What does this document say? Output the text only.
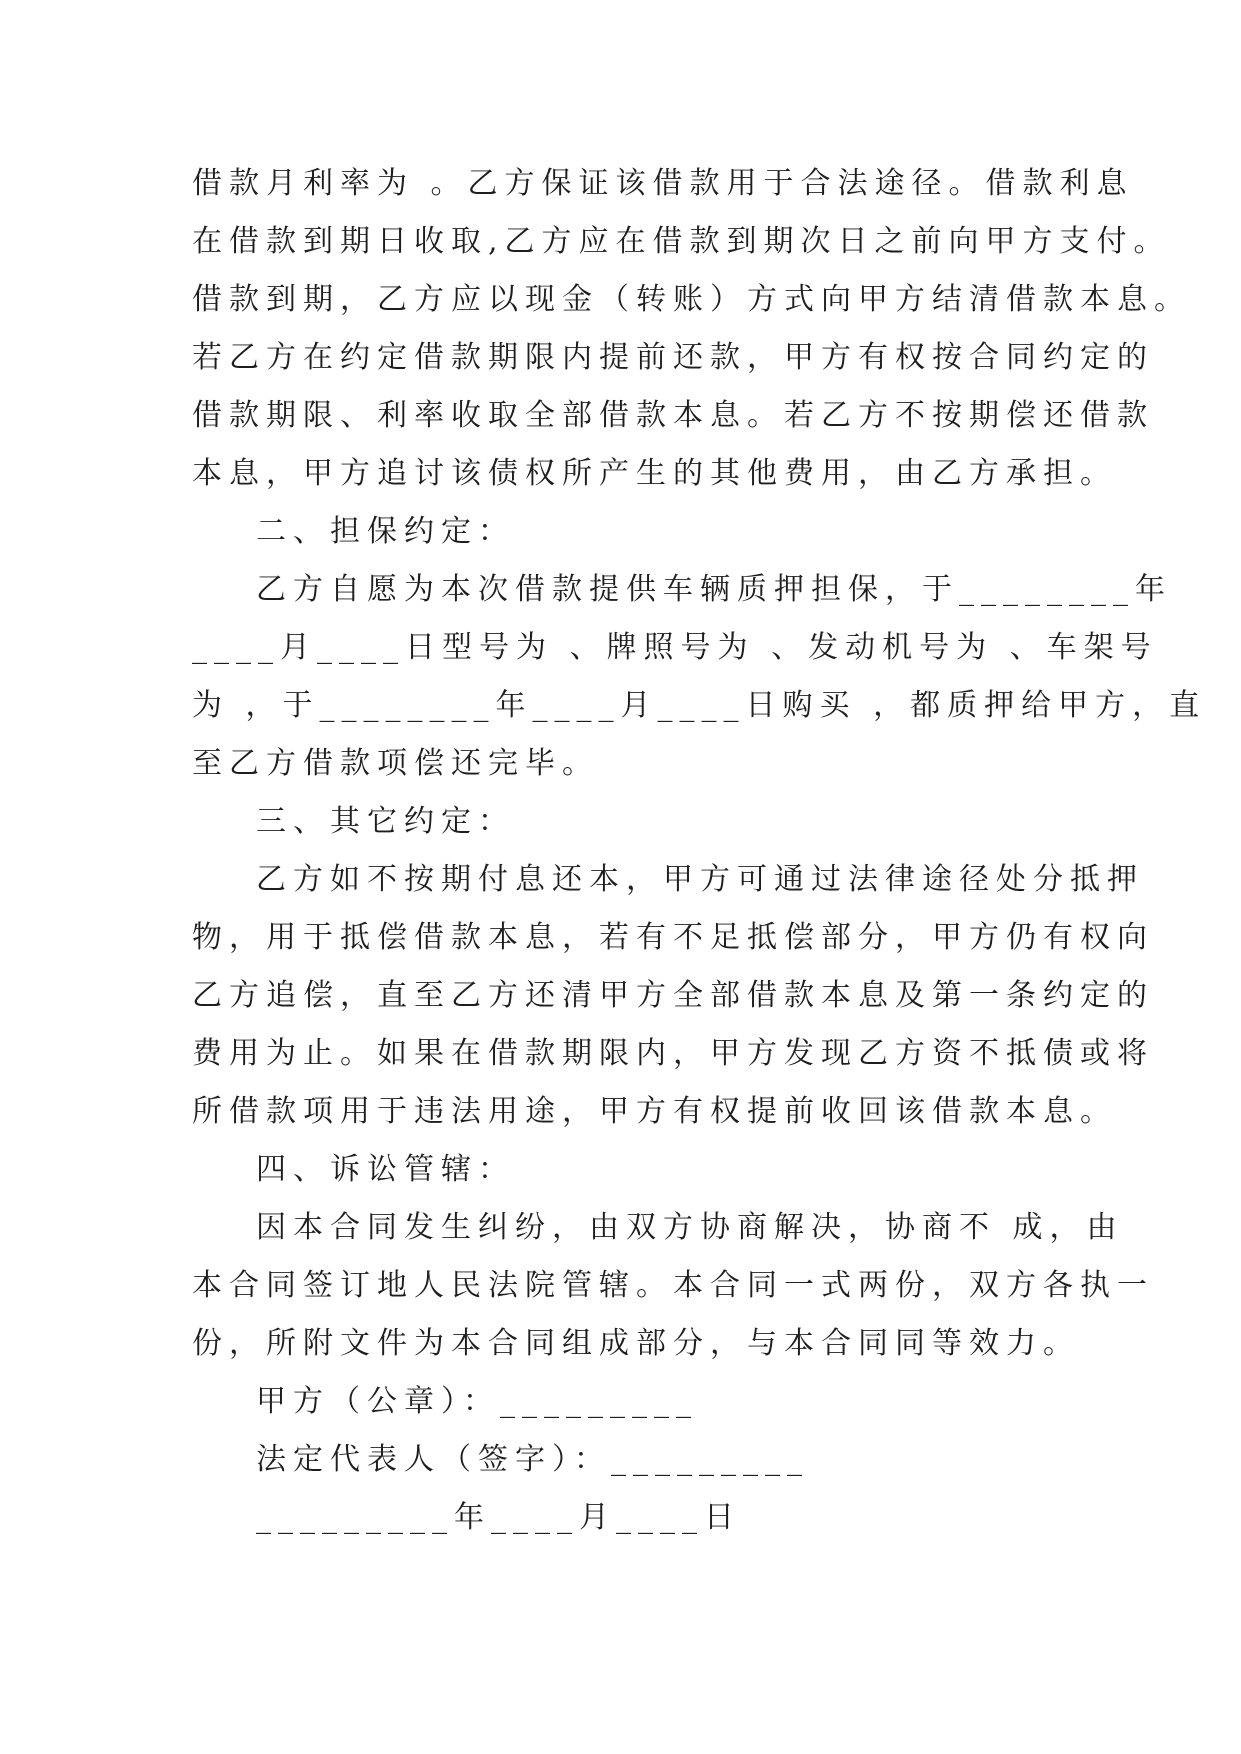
借款月利率为 。乙方保证该借款用于合法途径。借款利息
在借款到期日收取,乙方应在借款到期次日之前向甲方支付。
借款到期，乙方应以现金（转账）方式向甲方结清借款本息。
若乙方在约定借款期限内提前还款，甲方有权按合同约定的
借款期限、利率收取全部借款本息。若乙方不按期偿还借款
本息，甲方追讨该债权所产生的其他费用，由乙方承担。
二、担保约定：
乙方自愿为本次借款提供车辆质押担保，于________年
____月____日型号为 、牌照号为 、发动机号为 、车架号
为 ，于________年____月____日购买 ，都质押给甲方，直
至乙方借款项偿还完毕。
三、其它约定：
乙方如不按期付息还本，甲方可通过法律途径处分抵押
物，用于抵偿借款本息，若有不足抵偿部分，甲方仍有权向
乙方追偿，直至乙方还清甲方全部借款本息及第一条约定的
费用为止。如果在借款期限内，甲方发现乙方资不抵债或将
所借款项用于违法用途，甲方有权提前收回该借款本息。
四、诉讼管辖：
因本合同发生纠纷，由双方协商解决，协商不 成，由
本合同签订地人民法院管辖。本合同一式两份，双方各执一
份，所附文件为本合同组成部分，与本合同同等效力。
甲方（公章）：_________
法定代表人（签字）：_________
_________年____月____日
